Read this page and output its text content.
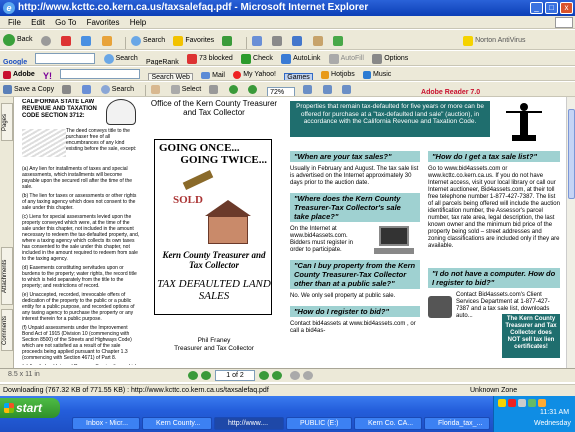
e http://www.kcttc.co.kern.ca.us/taxsalefaq.pdf - Microsoft Internet Explorer	_	□	x
File Edit Go To Favorites Help
Back

	Search
	Favorites

	Norton AntiVirus
Google
	Search
PageRank
	73 blocked
	Check
	AutoLink
	AutoFill
	Options
Adobe Y!
	Search Web
	Mail
	My Yahoo!
	Games
	Hotjobs
	Music
Save a Copy

	Search

	Select

	72%

	Adobe Reader 7.0
Pages
Attachments
Comments
CALIFORNIA STATE LAW REVENUE AND TAXATION CODE SECTION 3712:

The deed conveys title to the purchaser free of all encumbrances of any kind existing before the sale, except:

(a) Any lien for installments of taxes and special assessments, which installments will become payable upon the secured roll after the time of the sale.

(b) The lien for taxes or assessments or other rights of any taxing agency which does not consent to the sale under this chapter.

(c) Liens for special assessments levied upon the property conveyed which were, at the time of the sale under this chapter, not included in the amount necessary to redeem the tax-defaulted property, and, where a taxing agency which collects its own taxes has consented to the sale under this chapter, not included in the amount required to redeem from sale to the taxing agency.

(d) Easements constituting servitudes upon or burdens to the property; water rights, the record title to which is held separately from the title to the property; and restrictions of record.

(e) Unaccepted, recorded, irrevocable offers of dedication of the property to the public or a public entity for a public purpose, and recorded options of any taxing agency to purchase the property or any interest therein for a public purpose.

(f) Unpaid assessments under the Improvement Bond Act of 1915 (Division 10 (commencing with Section 8500) of the Streets and Highways Code) which are not satisfied as a result of the sale proceeds being applied pursuant to Chapter 1.3 (commencing with Section 4671) of Part 8.

Office of the Kern County Treasurer and Tax Collector
GOING ONCE...
GOING TWICE...
SOLD
Kern County Treasurer and Tax Collector
TAX DEFAULTED LAND SALES
Phil Franey
Treasurer and Tax Collector
Properties that remain tax-defaulted for five years or more can be offered for purchase at a "tax-defaulted land sale" (auction), in accordance with the California Revenue and Taxation Code.
"When are your tax sales?"

Usually in February and August. The tax sale list is advertised on the Internet approximately 30 days prior to the auction date.

"Where does the Kern County Treasurer-Tax Collector's sale take place?"

On the Internet at www.bid4assets.com. Bidders must register in order to participate.

"Can I buy property from the Kern County Treasurer-Tax Collector other than at a public sale?"

No. We only sell property at public sale.

"How do I register to bid?"

Contact bid4assets at www.bid4assets.com , or call a bid4as-

"How do I get a tax sale list?"

Go to www.bid4assets.com or www.kcttc.co.kern.ca.us. If you do not have Internet access, visit your local library or call our Internet auctioneer, Bid4assets.com, at their toll free telephone number 1-877-427-7387. The list of all parcels being offered will include the auction identification number, the Assessor's parcel number, tax rate area, legal description, the last known owner and the minimum bid price of the property being sold – street addresses and zoning classifications are included only if they are available.

The Kern County Treasurer and Tax Collector does NOT sell tax lien certificates!
"I do not have a computer. How do I register to bid?"

Contact Bid4assets.com's Client Services Department at 1-877-427-7387 and a tax sale list, downloads auto...

1 of 2
8.5 x 11 in
Downloading (767.32 KB of 771.55 KB) : http://www.kcttc.co.kern.ca.us/taxsalefaq.pdf	Unknown Zone
start
Inbox - Micr...	Kern County...	http://www....	PUBLIC (E:)	Kern Co. CA...	Florida_tax_...
11:31 AM
Wednesday
